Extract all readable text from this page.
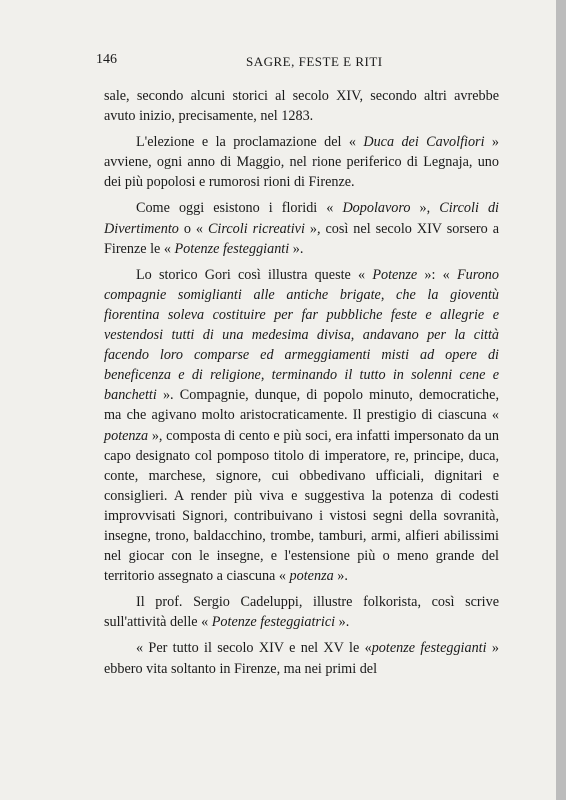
146	SAGRE, FESTE E RITI

sale, secondo alcuni storici al secolo XIV, secondo altri avrebbe avuto inizio, precisamente, nel 1283.

L'elezione e la proclamazione del « Duca dei Cavolfiori » avviene, ogni anno di Maggio, nel rione periferico di Legnaja, uno dei più popolosi e rumorosi rioni di Firenze.

Come oggi esistono i floridi « Dopolavoro », Circoli di Divertimento o « Circoli ricreativi », così nel secolo XIV sorsero a Firenze le « Potenze festeggianti ».

Lo storico Gori così illustra queste « Potenze »: « Furono compagnie somiglianti alle antiche brigate, che la gioventù fiorentina soleva costituire per far pubbliche feste e allegrie e vestendosi tutti di una medesima divisa, andavano per la città facendo loro comparse ed armeggiamenti misti ad opere di beneficenza e di religione, terminando il tutto in solenni cene e banchetti ». Compagnie, dunque, di popolo minuto, democratiche, ma che agivano molto aristocraticamente. Il prestigio di ciascuna « potenza », composta di cento e più soci, era infatti impersonato da un capo designato col pomposo titolo di imperatore, re, principe, duca, conte, marchese, signore, cui obbedivano ufficiali, dignitari e consiglieri. A render più viva e suggestiva la potenza di codesti improvvisati Signori, contribuivano i vistosi segni della sovranità, insegne, trono, baldacchino, trombe, tamburi, armi, alfieri abilissimi nel giocar con le insegne, e l'estensione più o meno grande del territorio assegnato a ciascuna « potenza ».

Il prof. Sergio Cadeluppi, illustre folkorista, così scrive sull'attività delle « Potenze festeggiatrici ».

« Per tutto il secolo XIV e nel XV le «potenze festeggianti » ebbero vita soltanto in Firenze, ma nei primi del
